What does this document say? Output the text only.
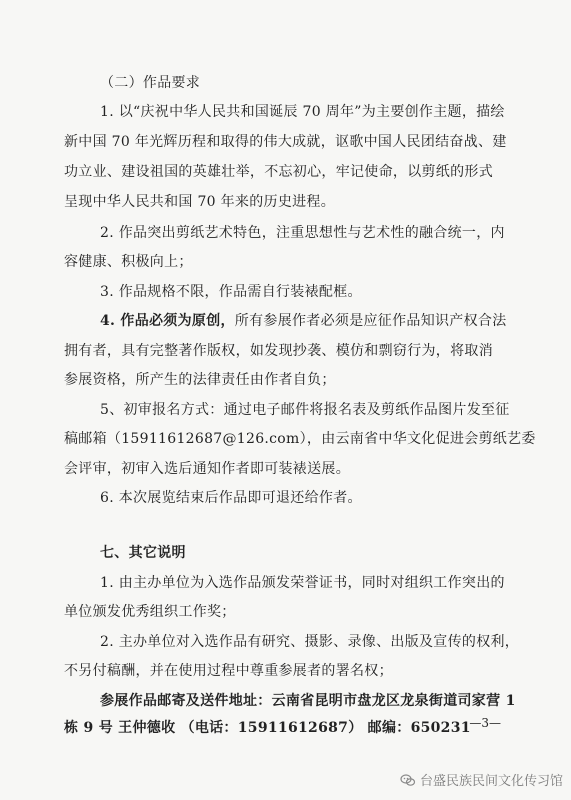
（二）作品要求
1. 以“庆祝中华人民共和国诞辰 70 周年”为主要创作主题，描绘
新中国 70 年光辉历程和取得的伟大成就，讴歌中国人民团结奋战、建
功立业、建设祖国的英雄壮举，不忘初心，牢记使命，以剪纸的形式
呈现中华人民共和国 70 年来的历史进程。
2. 作品突出剪纸艺术特色，注重思想性与艺术性的融合统一，内
容健康、积极向上；
3. 作品规格不限，作品需自行装裱配框。
4. 作品必须为原创，所有参展作者必须是应征作品知识产权合法
拥有者，具有完整著作版权，如发现抄袭、模仿和剽窃行为，将取消
参展资格，所产生的法律责任由作者自负；
5、初审报名方式：通过电子邮件将报名表及剪纸作品图片发至征
稿邮箱（15911612687@126.com），由云南省中华文化促进会剪纸艺委
会评审，初审入选后通知作者即可装裱送展。
6. 本次展览结束后作品即可退还给作者。
七、其它说明
1. 由主办单位为入选作品颁发荣誉证书，同时对组织工作突出的
单位颁发优秀组织工作奖；
2. 主办单位对入选作品有研究、摄影、录像、出版及宣传的权利，
不另付稿酬，并在使用过程中尊重参展者的署名权；
参展作品邮寄及送件地址：云南省昆明市盘龙区龙泉街道司家营 1
栋 9 号 王仲德收 （电话：15911612687） 邮编：650231
—3—
台盛民族民间文化传习馆
